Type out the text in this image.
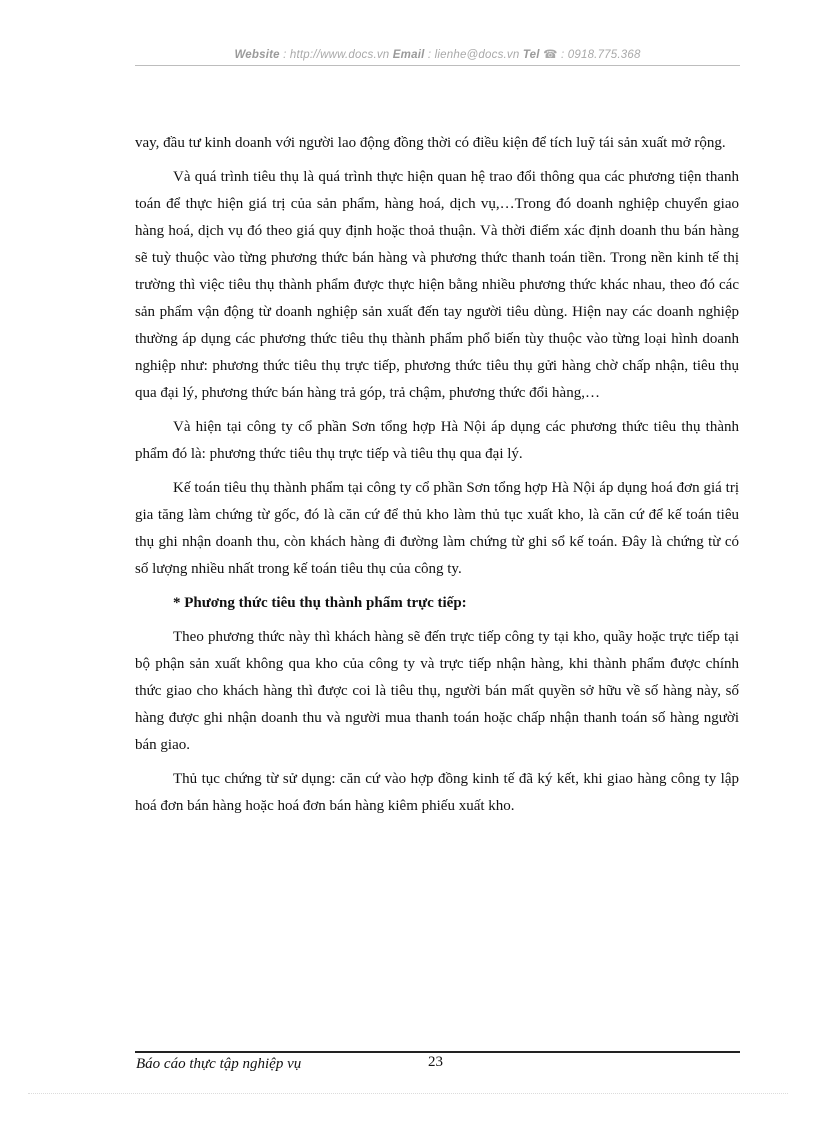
Website : http://www.docs.vn Email : lienhe@docs.vn Tel ☎ : 0918.775.368

vay, đầu tư kinh doanh với người lao động đồng thời có điều kiện để tích luỹ tái sản xuất mở rộng.

Và quá trình tiêu thụ là quá trình thực hiện quan hệ trao đổi thông qua các phương tiện thanh toán để thực hiện giá trị của sản phẩm, hàng hoá, dịch vụ,…Trong đó doanh nghiệp chuyển giao hàng hoá, dịch vụ đó theo giá quy định hoặc thoả thuận. Và thời điểm xác định doanh thu bán hàng sẽ tuỳ thuộc vào từng phương thức bán hàng và phương thức thanh toán tiền. Trong nền kinh tế thị trường thì việc tiêu thụ thành phẩm được thực hiện bằng nhiều phương thức khác nhau, theo đó các sản phẩm vận động từ doanh nghiệp sản xuất đến tay người tiêu dùng. Hiện nay các doanh nghiệp thường áp dụng các phương thức tiêu thụ thành phẩm phổ biến tùy thuộc vào từng loại hình doanh nghiệp như: phương thức tiêu thụ trực tiếp, phương thức tiêu thụ gửi hàng chờ chấp nhận, tiêu thụ qua đại lý, phương thức bán hàng trả góp, trả chậm, phương thức đổi hàng,…

Và hiện tại công ty cổ phần Sơn tổng hợp Hà Nội áp dụng các phương thức tiêu thụ thành phẩm đó là: phương thức tiêu thụ trực tiếp và tiêu thụ qua đại lý.

Kế toán tiêu thụ thành phẩm tại công ty cổ phần Sơn tổng hợp Hà Nội áp dụng hoá đơn giá trị gia tăng làm chứng từ gốc, đó là căn cứ để thủ kho làm thủ tục xuất kho, là căn cứ để kế toán tiêu thụ ghi nhận doanh thu, còn khách hàng đi đường làm chứng từ ghi sổ kế toán. Đây là chứng từ có số lượng nhiều nhất trong kế toán tiêu thụ của công ty.

* Phương thức tiêu thụ thành phẩm trực tiếp:

Theo phương thức này thì khách hàng sẽ đến trực tiếp công ty tại kho, quầy hoặc trực tiếp tại bộ phận sản xuất không qua kho của công ty và trực tiếp nhận hàng, khi thành phẩm được chính thức giao cho khách hàng thì được coi là tiêu thụ, người bán mất quyền sở hữu về số hàng này, số hàng được ghi nhận doanh thu và người mua thanh toán hoặc chấp nhận thanh toán số hàng người bán giao.

Thủ tục chứng từ sử dụng: căn cứ vào hợp đồng kinh tế đã ký kết, khi giao hàng công ty lập hoá đơn bán hàng hoặc hoá đơn bán hàng kiêm phiếu xuất kho.

Báo cáo thực tập nghiệp vụ	23
